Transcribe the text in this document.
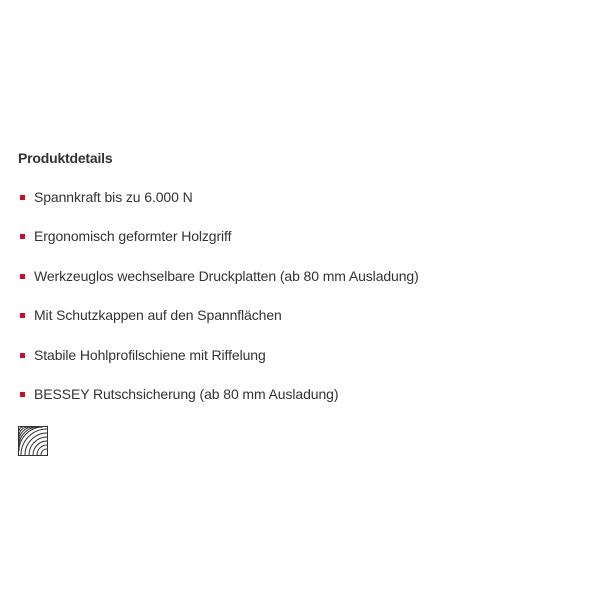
Produktdetails
Spannkraft bis zu 6.000 N
Ergonomisch geformter Holzgriff
Werkzeuglos wechselbare Druckplatten (ab 80 mm Ausladung)
Mit Schutzkappen auf den Spannflächen
Stabile Hohlprofilschiene mit Riffelung
BESSEY Rutschsicherung (ab 80 mm Ausladung)
